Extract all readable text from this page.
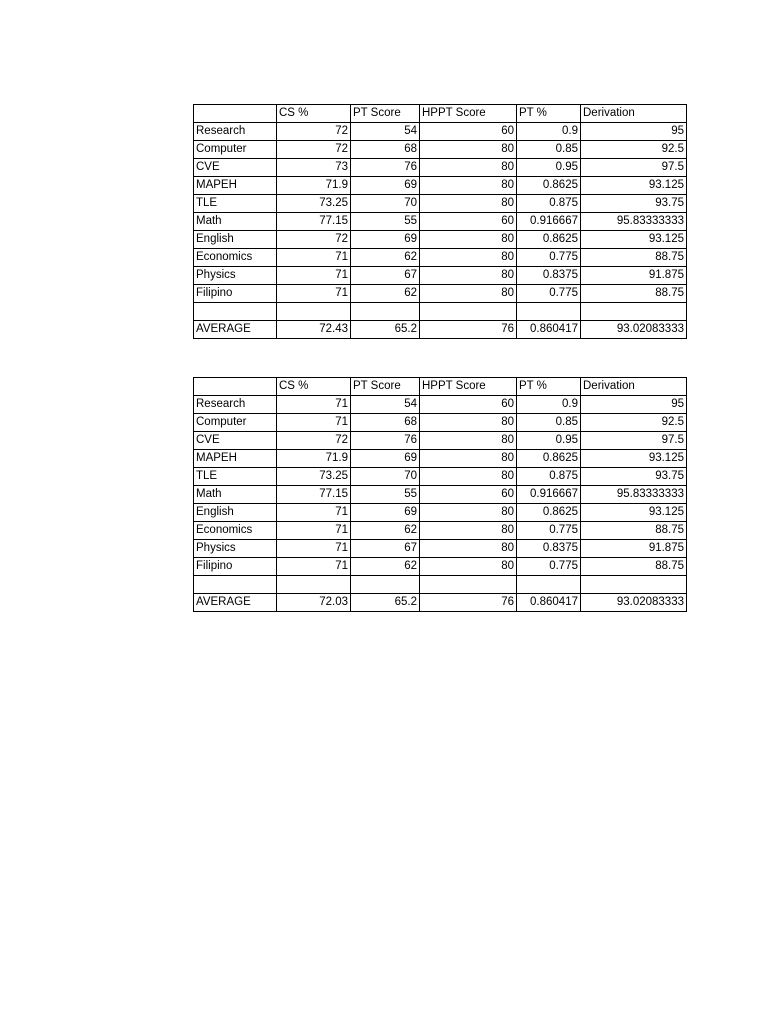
	CS %	PT Score	HPPT Score	PT %	Derivation
Research	72	54	60	0.9	95
Computer	72	68	80	0.85	92.5
CVE	73	76	80	0.95	97.5
MAPEH	71.9	69	80	0.8625	93.125
TLE	73.25	70	80	0.875	93.75
Math	77.15	55	60	0.916667	95.83333333
English	72	69	80	0.8625	93.125
Economics	71	62	80	0.775	88.75
Physics	71	67	80	0.8375	91.875
Filipino	71	62	80	0.775	88.75

AVERAGE	72.43	65.2	76	0.860417	93.02083333
	CS %	PT Score	HPPT Score	PT %	Derivation
Research	71	54	60	0.9	95
Computer	71	68	80	0.85	92.5
CVE	72	76	80	0.95	97.5
MAPEH	71.9	69	80	0.8625	93.125
TLE	73.25	70	80	0.875	93.75
Math	77.15	55	60	0.916667	95.83333333
English	71	69	80	0.8625	93.125
Economics	71	62	80	0.775	88.75
Physics	71	67	80	0.8375	91.875
Filipino	71	62	80	0.775	88.75

AVERAGE	72.03	65.2	76	0.860417	93.02083333
